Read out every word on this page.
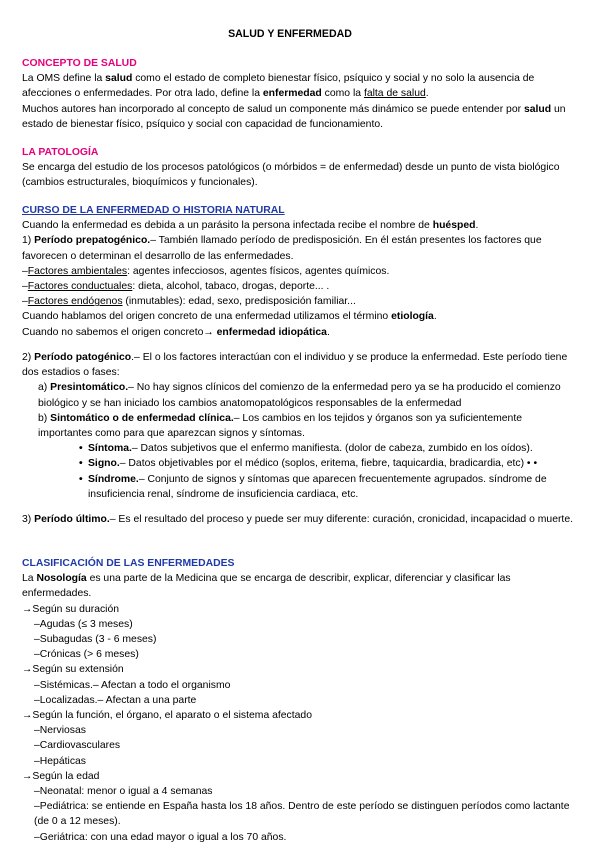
SALUD Y ENFERMEDAD

CONCEPTO DE SALUD

La OMS define la salud como el estado de completo bienestar físico, psíquico y social y no solo la ausencia de afecciones o enfermedades. Por otra lado, define la enfermedad como la falta de salud.

Muchos autores han incorporado al concepto de salud un componente más dinámico se puede entender por salud un estado de bienestar físico, psíquico y social con capacidad de funcionamiento.

LA PATOLOGÍA

Se encarga del estudio de los procesos patológicos (o mórbidos = de enfermedad) desde un punto de vista biológico (cambios estructurales, bioquímicos y funcionales).

CURSO DE LA ENFERMEDAD O HISTORIA NATURAL

Cuando la enfermedad es debida a un parásito la persona infectada recibe el nombre de huésped.

1) Período prepatogénico.– También llamado período de predisposición. En él están presentes los factores que favorecen o determinan el desarrollo de las enfermedades.

–Factores ambientales: agentes infecciosos, agentes físicos, agentes químicos.

–Factores conductuales: dieta, alcohol, tabaco, drogas, deporte... .

–Factores endógenos (inmutables): edad, sexo, predisposición familiar...

Cuando hablamos del origen concreto de una enfermedad utilizamos el término etiología.

Cuando no sabemos el origen concreto→ enfermedad idiopática.

2) Período patogénico.– El o los factores interactúan con el individuo y se produce la enfermedad. Este período tiene dos estadios o fases:

a) Presintomático.– No hay signos clínicos del comienzo de la enfermedad pero ya se ha producido el comienzo biológico y se han iniciado los cambios anatomopatológicos responsables de la enfermedad

b) Sintomático o de enfermedad clínica.– Los cambios en los tejidos y órganos son ya suficientemente importantes como para que aparezcan signos y síntomas.

• Síntoma.– Datos subjetivos que el enfermo manifiesta. (dolor de cabeza, zumbido en los oídos).

• Signo.– Datos objetivables por el médico (soplos, eritema, fiebre, taquicardia, bradicardia, etc) • •

• Síndrome.– Conjunto de signos y síntomas que aparecen frecuentemente agrupados. síndrome de insuficiencia renal, síndrome de insuficiencia cardiaca, etc.

3) Período último.– Es el resultado del proceso y puede ser muy diferente: curación, cronicidad, incapacidad o muerte.

CLASIFICACIÓN DE LAS ENFERMEDADES

La Nosología es una parte de la Medicina que se encarga de describir, explicar, diferenciar y clasificar las enfermedades.

→Según su duración

–Agudas (≤ 3 meses)

–Subagudas (3 - 6 meses)

–Crónicas (> 6 meses)

→Según su extensión

–Sistémicas.– Afectan a todo el organismo

–Localizadas.– Afectan a una parte

→Según la función, el órgano, el aparato o el sistema afectado

–Nerviosas

–Cardiovasculares

–Hepáticas

→Según la edad

–Neonatal: menor o igual a 4 semanas

–Pediátrica: se entiende en España hasta los 18 años. Dentro de este período se distinguen períodos como lactante (de 0 a 12 meses).

–Geriátrica: con una edad mayor o igual a los 70 años.
